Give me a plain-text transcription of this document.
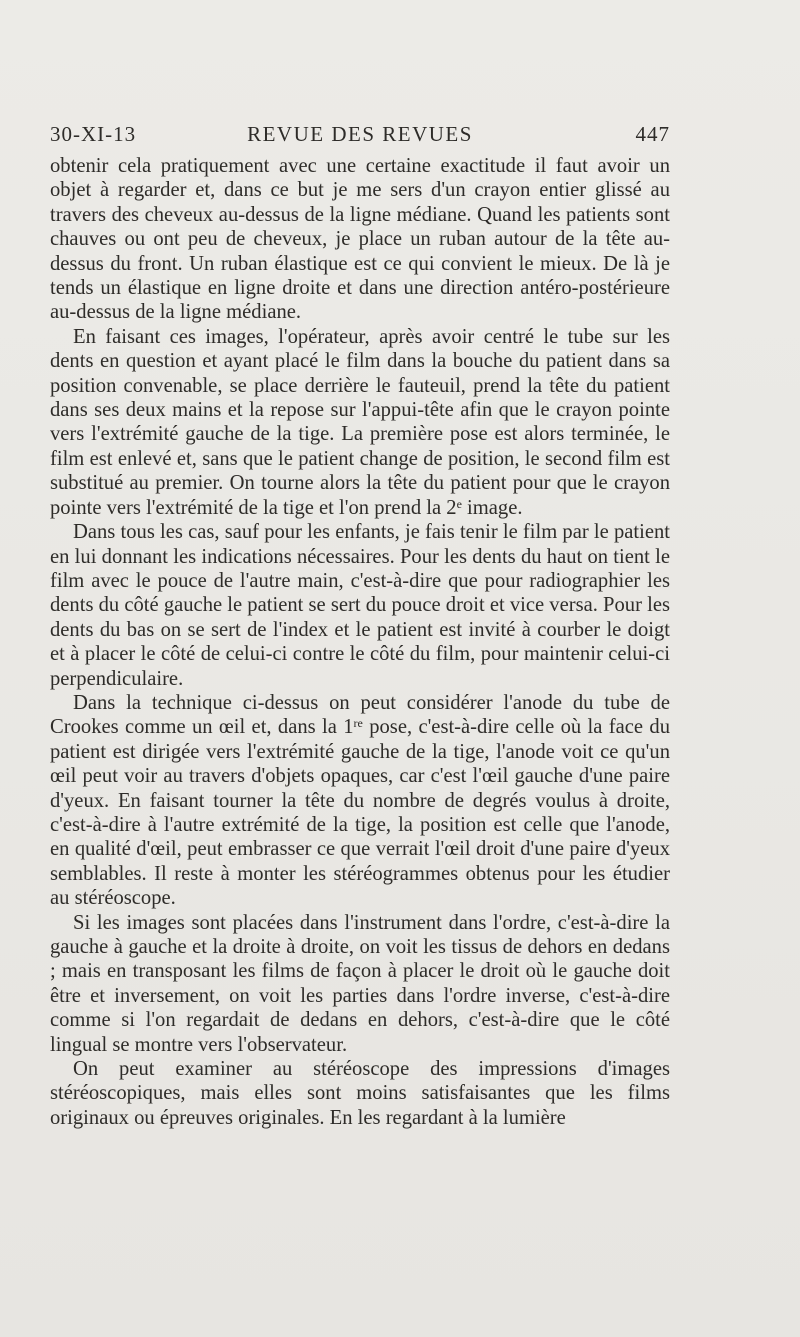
30-XI-13	REVUE DES REVUES	447

obtenir cela pratiquement avec une certaine exactitude il faut avoir un objet à regarder et, dans ce but je me sers d'un crayon entier glissé au travers des cheveux au-dessus de la ligne médiane. Quand les patients sont chauves ou ont peu de cheveux, je place un ruban autour de la tête au-dessus du front. Un ruban élastique est ce qui convient le mieux. De là je tends un élastique en ligne droite et dans une direction antéro-postérieure au-dessus de la ligne médiane.

En faisant ces images, l'opérateur, après avoir centré le tube sur les dents en question et ayant placé le film dans la bouche du patient dans sa position convenable, se place derrière le fauteuil, prend la tête du patient dans ses deux mains et la repose sur l'appui-tête afin que le crayon pointe vers l'extrémité gauche de la tige. La première pose est alors terminée, le film est enlevé et, sans que le patient change de position, le second film est substitué au premier. On tourne alors la tête du patient pour que le crayon pointe vers l'extrémité de la tige et l'on prend la 2e image.

Dans tous les cas, sauf pour les enfants, je fais tenir le film par le patient en lui donnant les indications nécessaires. Pour les dents du haut on tient le film avec le pouce de l'autre main, c'est-à-dire que pour radiographier les dents du côté gauche le patient se sert du pouce droit et vice versa. Pour les dents du bas on se sert de l'index et le patient est invité à courber le doigt et à placer le côté de celui-ci contre le côté du film, pour maintenir celui-ci perpendiculaire.

Dans la technique ci-dessus on peut considérer l'anode du tube de Crookes comme un œil et, dans la 1re pose, c'est-à-dire celle où la face du patient est dirigée vers l'extrémité gauche de la tige, l'anode voit ce qu'un œil peut voir au travers d'objets opaques, car c'est l'œil gauche d'une paire d'yeux. En faisant tourner la tête du nombre de degrés voulus à droite, c'est-à-dire à l'autre extrémité de la tige, la position est celle que l'anode, en qualité d'œil, peut embrasser ce que verrait l'œil droit d'une paire d'yeux semblables. Il reste à monter les stéréogrammes obtenus pour les étudier au stéréoscope.

Si les images sont placées dans l'instrument dans l'ordre, c'est-à-dire la gauche à gauche et la droite à droite, on voit les tissus de dehors en dedans ; mais en transposant les films de façon à placer le droit où le gauche doit être et inversement, on voit les parties dans l'ordre inverse, c'est-à-dire comme si l'on regardait de dedans en dehors, c'est-à-dire que le côté lingual se montre vers l'observateur.

On peut examiner au stéréoscope des impressions d'images stéréoscopiques, mais elles sont moins satisfaisantes que les films originaux ou épreuves originales. En les regardant à la lumière
